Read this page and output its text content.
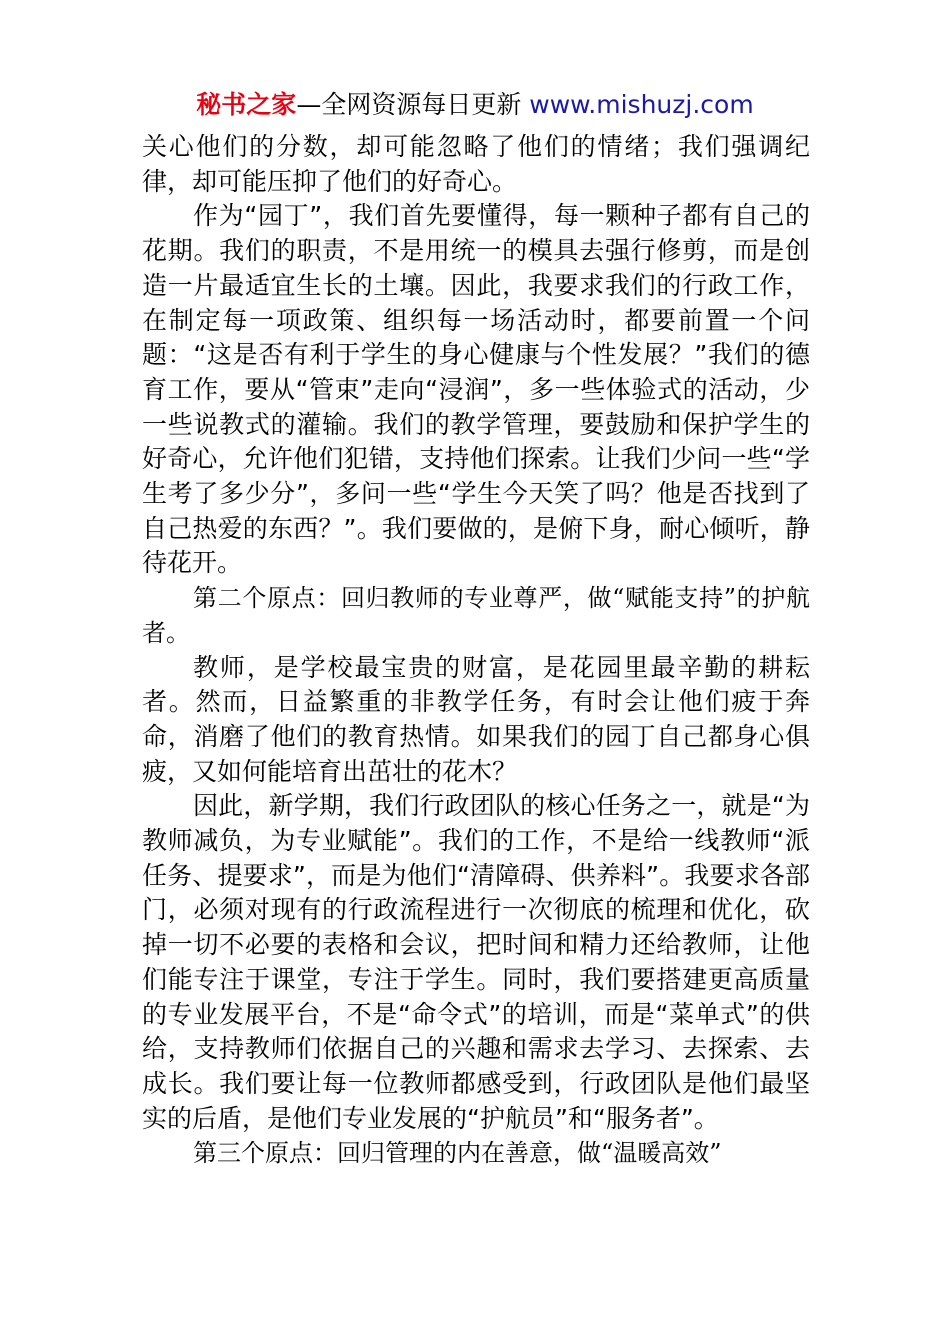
秘书之家—全网资源每日更新 www.mishuzj.com

关心他们的分数，却可能忽略了他们的情绪；我们强调纪律，却可能压抑了他们的好奇心。

作为“园丁”，我们首先要懂得，每一颗种子都有自己的花期。我们的职责，不是用统一的模具去强行修剪，而是创造一片最适宜生长的土壤。因此，我要求我们的行政工作，在制定每一项政策、组织每一场活动时，都要前置一个问题：“这是否有利于学生的身心健康与个性发展？”我们的德育工作，要从“管束”走向“浸润”，多一些体验式的活动，少一些说教式的灌输。我们的教学管理，要鼓励和保护学生的好奇心，允许他们犯错，支持他们探索。让我们少问一些“学生考了多少分”，多问一些“学生今天笑了吗？他是否找到了自己热爱的东西？”。我们要做的，是俯下身，耐心倾听，静待花开。

第二个原点：回归教师的专业尊严，做“赋能支持”的护航者。

教师，是学校最宝贵的财富，是花园里最辛勤的耕耘者。然而，日益繁重的非教学任务，有时会让他们疲于奔命，消磨了他们的教育热情。如果我们的园丁自己都身心俱疲，又如何能培育出茁壮的花木？

因此，新学期，我们行政团队的核心任务之一，就是“为教师减负，为专业赋能”。我们的工作，不是给一线教师“派任务、提要求”，而是为他们“清障碍、供养料”。我要求各部门，必须对现有的行政流程进行一次彻底的梳理和优化，砍掉一切不必要的表格和会议，把时间和精力还给教师，让他们能专注于课堂，专注于学生。同时，我们要搭建更高质量的专业发展平台，不是“命令式”的培训，而是“菜单式”的供给，支持教师们依据自己的兴趣和需求去学习、去探索、去成长。我们要让每一位教师都感受到，行政团队是他们最坚实的后盾，是他们专业发展的“护航员”和“服务者”。

第三个原点：回归管理的内在善意，做“温暖高效”
